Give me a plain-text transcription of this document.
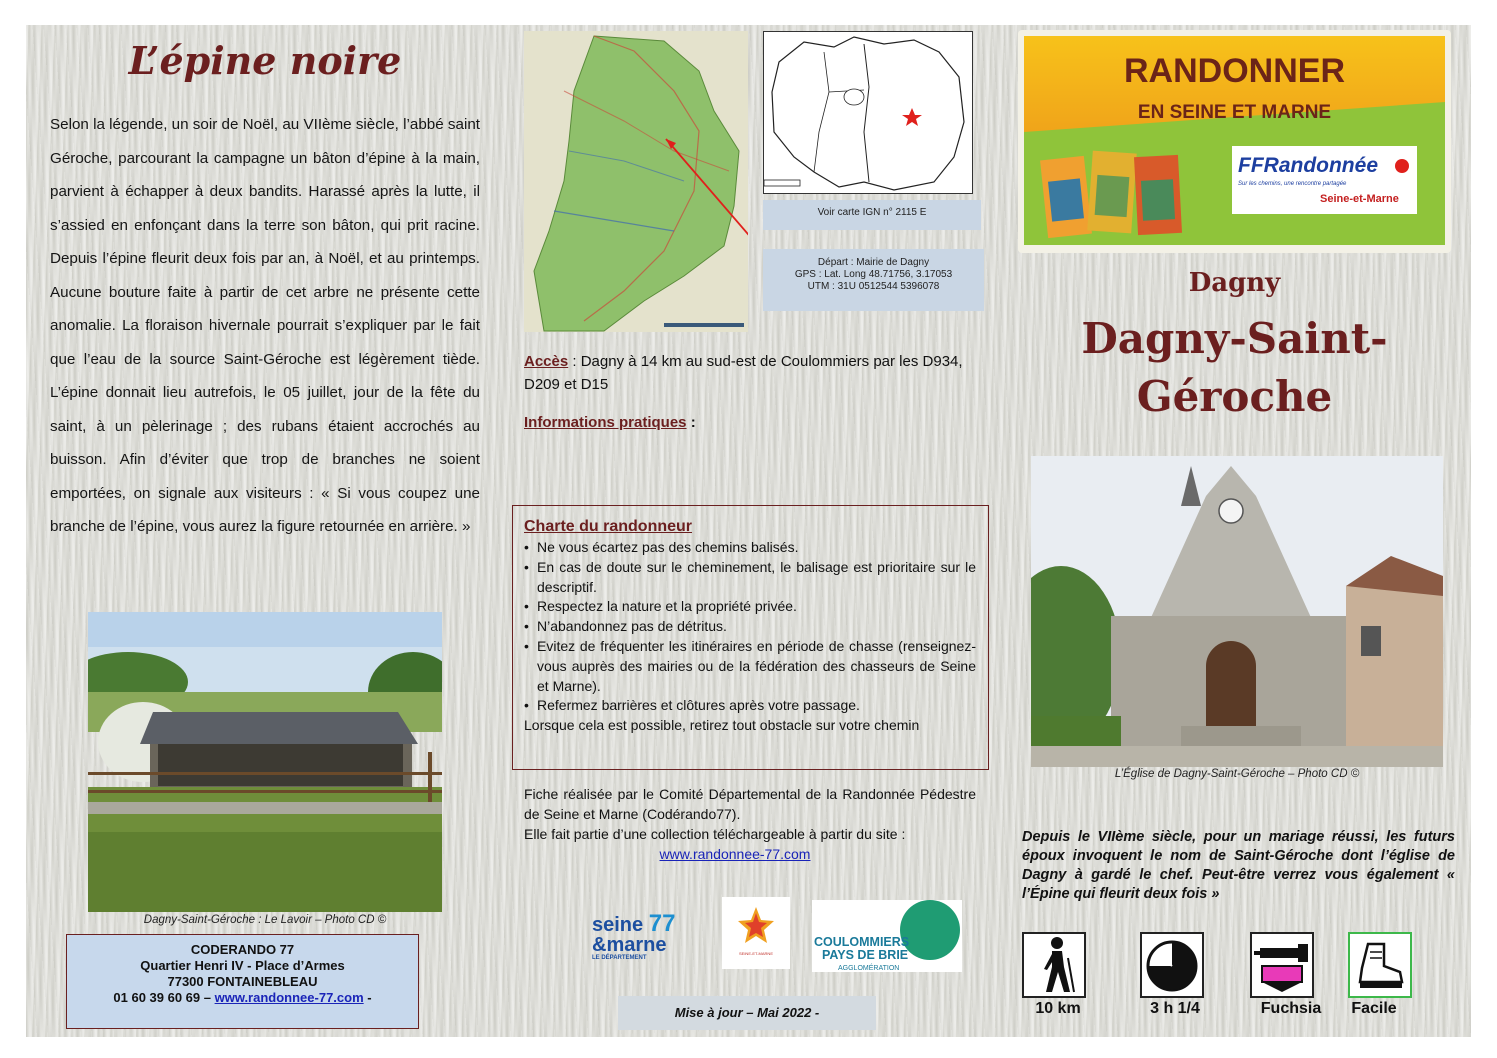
L’épine noire
Selon la légende, un soir de Noël, au VIIème siècle, l’abbé saint Géroche, parcourant la campagne un bâton d’épine à la main, parvient à échapper à deux bandits. Harassé après la lutte, il s’assied en enfonçant dans la terre son bâton, qui prit racine. Depuis l’épine fleurit deux fois par an, à Noël, et au printemps. Aucune bouture faite à partir de cet arbre ne présente cette anomalie. La floraison hivernale pourrait s’expliquer par le fait que l’eau de la source Saint-Géroche est légèrement tiède. L’épine donnait lieu autrefois, le 05 juillet, jour de la fête du saint, à un pèlerinage ; des rubans étaient accrochés au buisson. Afin d’éviter que trop de branches ne soient emportées, on signale aux visiteurs : « Si vous coupez une branche de l’épine, vous aurez la figure retournée en arrière. »
Dagny-Saint-Géroche : Le Lavoir – Photo CD ©
CODERANDO 77
Quartier Henri IV - Place d’Armes
77300 FONTAINEBLEAU
01 60 39 60 69 – www.randonnee-77.com -
Voir carte IGN n° 2115 E
Départ : Mairie de Dagny
GPS : Lat. Long 48.71756, 3.17053
UTM : 31U 0512544 5396078
Accès : Dagny à 14 km au sud-est de Coulommiers par les D934, D209 et D15
Informations pratiques :
Charte du randonneur
• Ne vous écartez pas des chemins balisés.
• En cas de doute sur le cheminement, le balisage est prioritaire sur le descriptif.
• Respectez la nature et la propriété privée.
• N’abandonnez pas de détritus.
• Evitez de fréquenter les itinéraires en période de chasse (renseignez-vous auprès des mairies ou de la fédération des chasseurs de Seine et Marne).
• Refermez barrières et clôtures après votre passage.
Lorsque cela est possible, retirez tout obstacle sur votre chemin
Fiche réalisée par le Comité Départemental de la Randonnée Pédestre de Seine et Marne (Codérando77).
Elle fait partie d’une collection téléchargeable à partir du site :
www.randonnee-77.com
seine 77
&marne
LE DÉPARTEMENT
SEINE-ET-MARNE
COULOMMIERS
PAYS DE BRIE
AGGLOMÉRATION
Mise à jour – Mai 2022 -
RANDONNER
EN SEINE ET MARNE
FFRandonnée
Sur les chemins, une rencontre partagée
Seine-et-Marne
Dagny
Dagny-Saint-
Géroche
L’Église de Dagny-Saint-Géroche – Photo CD ©
Depuis le VIIème siècle, pour un mariage réussi, les futurs époux invoquent le nom de Saint-Géroche dont l’église de Dagny à gardé le chef. Peut-être verrez vous également « l’Épine qui fleurit deux fois »
10 km	3 h 1/4	Fuchsia	Facile
